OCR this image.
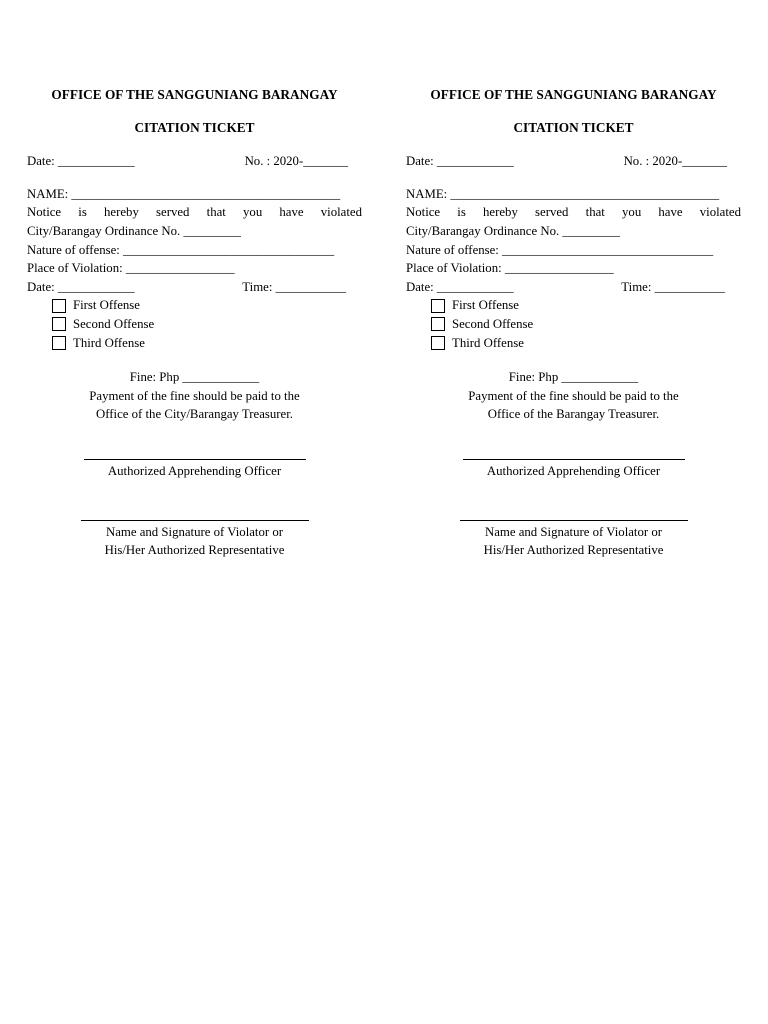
OFFICE OF THE SANGGUNIANG BARANGAY
CITATION TICKET
Date: ____________	No. : 2020-_______
NAME: __________________________________________
Notice is hereby served that you have violated
City/Barangay Ordinance No. _________
Nature of offense: _________________________________
Place of Violation: _________________
Date: ____________	Time: ___________
First Offense
Second Offense
Third Offense
Fine: Php ____________
Payment of the fine should be paid to the
Office of the City/Barangay Treasurer.
Authorized Apprehending Officer
Name and Signature of Violator or
His/Her Authorized Representative
OFFICE OF THE SANGGUNIANG BARANGAY
CITATION TICKET
Date: ____________	No. : 2020-_______
NAME: __________________________________________
Notice is hereby served that you have violated
City/Barangay Ordinance No. _________
Nature of offense: _________________________________
Place of Violation: _________________
Date: ____________	Time: ___________
First Offense
Second Offense
Third Offense
Fine: Php ____________
Payment of the fine should be paid to the
Office of the Barangay Treasurer.
Authorized Apprehending Officer
Name and Signature of Violator or
His/Her Authorized Representative
